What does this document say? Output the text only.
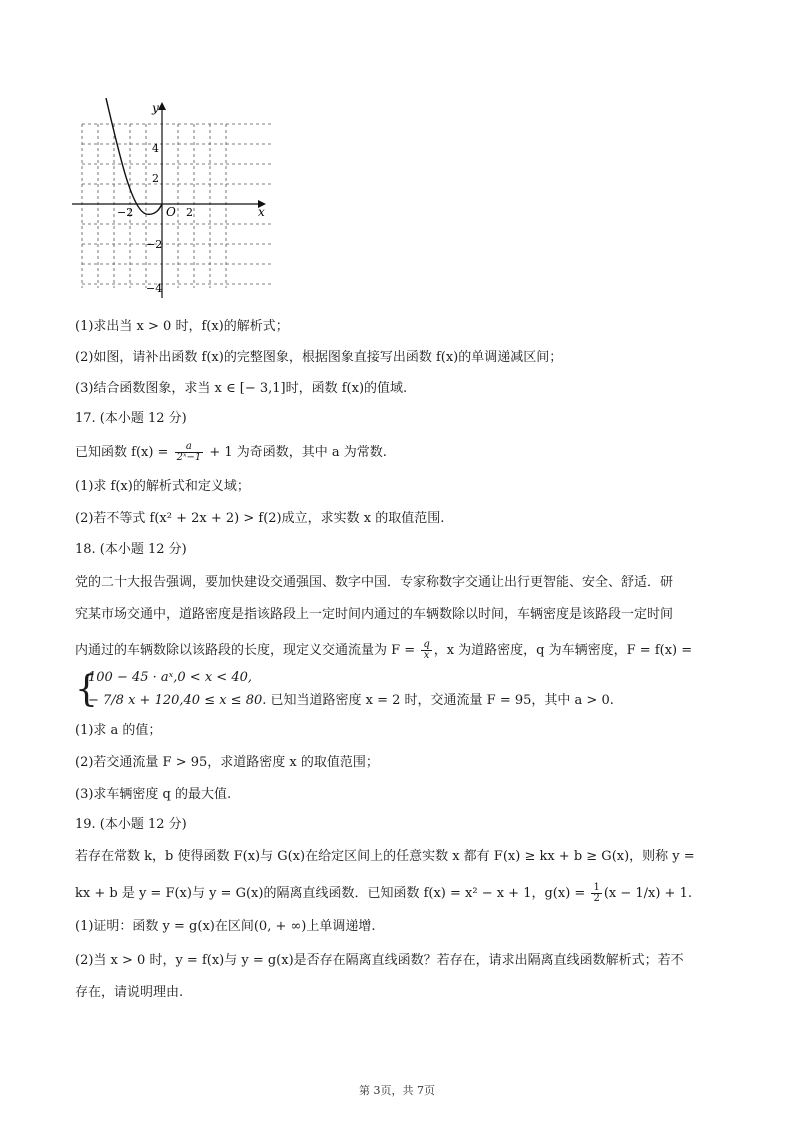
y
x
O
−2	2
4
2
−2
−4
(1)求出当 x > 0 时，f(x)的解析式；
(2)如图，请补出函数 f(x)的完整图象，根据图象直接写出函数 f(x)的单调递减区间；
(3)结合函数图象，求当 x ∈ [− 3,1]时，函数 f(x)的值域.
17. (本小题 12 分)
已知函数 $f(x) = \frac{a}{\text{2ˣ−1}} + 1$ 为奇函数，其中 a 为常数.
(1)求 f(x)的解析式和定义域；
(2)若不等式 f(x² + 2x + 2) > f(2)成立，求实数 x 的取值范围.
18. (本小题 12 分)
党的二十大报告强调，要加快建设交通强国、数字中国．专家称数字交通让出行更智能、安全、舒适．研
究某市场交通中，道路密度是指该路段上一定时间内通过的车辆数除以时间，车辆密度是该路段一定时间
内通过的车辆数除以该路段的长度，现定义交通流量为 $F = \frac{q}{x}$ ，x 为道路密度，q 为车辆密度，F = f(x) =
{
100 − 45 · aˣ,0 < x < 40,
− 7/8 x + 120,40 ≤ x ≤ 80. 已知当道路密度 x = 2 时，交通流量 F = 95，其中 a > 0.
(1)求 a 的值；
(2)若交通流量 F > 95，求道路密度 x 的取值范围；
(3)求车辆密度 q 的最大值.
19. (本小题 12 分)
若存在常数 k，b 使得函数 F(x)与 G(x)在给定区间上的任意实数 x 都有 F(x) ≥ kx + b ≥ G(x)，则称 y =
kx + b 是 y = F(x)与 y = G(x)的隔离直线函数．已知函数 f(x) = x² − x + 1，$g(x) = \frac{1}{2} (x - 1/x) + 1$.
(1)证明：函数 y = g(x)在区间(0, + ∞)上单调递增.
(2)当 x > 0 时，y = f(x)与 y = g(x)是否存在隔离直线函数？若存在，请求出隔离直线函数解析式；若不
存在，请说明理由.
第 3页，共 7页
